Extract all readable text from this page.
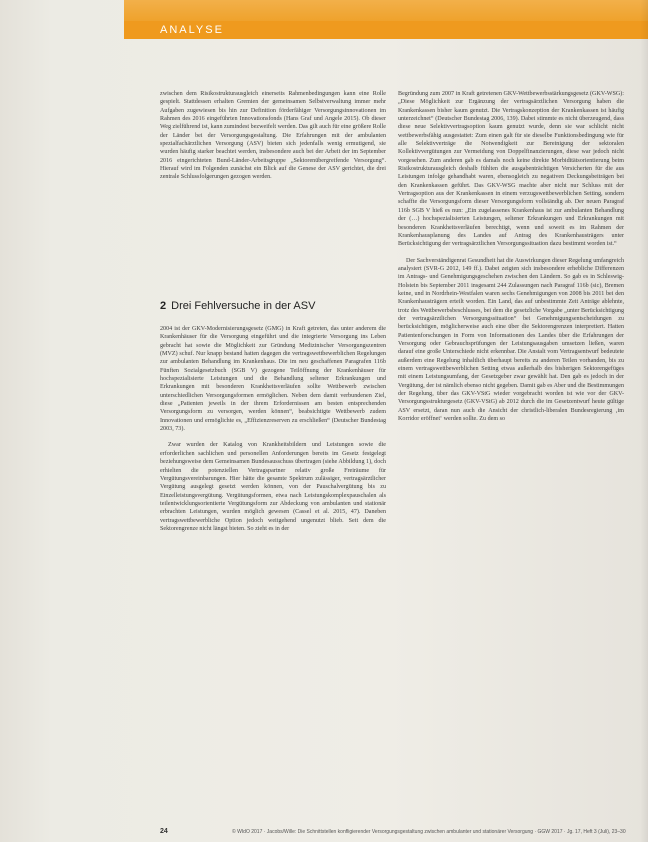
ANALYSE

zwischen dem Risikostrukturausgleich einerseits Rahmenbedingungen kann eine Rolle gespielt. Stattdessen erhalten Gremien der gemeinsamen Selbstverwaltung immer mehr Aufgaben zugewiesen bis hin zur Definition förderfähiger Versorgungsinnovationen im Rahmen des 2016 eingeführten Innovationsfonds (Hans Graf und Angele 2015). Ob dieser Weg zielführend ist, kann zumindest bezweifelt werden. Das gilt auch für eine größere Rolle der Länder bei der Versorgungsgestaltung. Die Erfahrungen mit der ambulanten spezialfachärztlichen Versorgung (ASV) bieten sich jedenfalls wenig ermutigend, sie wurden häufig starker beachtet werden, insbesondere auch bei der Arbeit der im September 2016 eingerichteten Bund-Länder-Arbeitsgruppe „Sektorenübergreifende Versorgung“. Hierauf wird im Folgenden zunächst ein Blick auf die Genese der ASV gerichtet, die drei zentrale Schlussfolgerungen gezogen werden.

2 Drei Fehlversuche in der ASV

2004 ist der GKV-Modernisierungsgesetz (GMG) in Kraft getreten, das unter anderem die Krankenhäuser für die Versorgung eingeführt und die integrierte Versorgung ins Leben gebracht hat sowie die Möglichkeit zur Gründung Medizinischer Versorgungszentren (MVZ) schuf. Nur knapp bestand hatten dagegen die vertragswettbewerblichen Regelungen zur ambulanten Behandlung im Krankenhaus. Die im neu geschaffenen Paragrafen 116b Fünften Sozialgesetzbuch (SGB V) gezogene Teilöffnung der Krankenhäuser für hochspezialisierte Leistungen und die Behandlung seltener Erkrankungen und Erkrankungen mit besonderen Krankheitsverläufen sollte Wettbewerb zwischen unterschiedlichen Versorgungsformen ermöglichen. Neben dem damit verbundenen Ziel, diese „Patienten jeweils in der ihrem Erfordernissen am besten entsprechenden Versorgungsform zu versorgen, werden können“, beabsichtigte Wettbewerb zudem Innovationen und ermöglichte es, „Effizienzreserven zu erschließen“ (Deutscher Bundestag 2003, 73).

Zwar wurden der Katalog von Krankheitsbildern und Leistungen sowie die erforderlichen sachlichen und personellen Anforderungen bereits im Gesetz festgelegt beziehungsweise dem Gemeinsamen Bundesausschuss übertragen (siehe Abbildung 1), doch erhielten die potenziellen Vertragspartner relativ große Freiräume für Vergütungsvereinbarungen. Hier hätte die gesamte Spektrum zulässiger, vertragsärztlicher Vergütung ausgelegt gesetzt werden können, von der Pauschalvergütung bis zu Einzelleistungsvergütung. Vergütungsformen, etwa nach Leistungskomplexpauschalen als teilentwicklungsorientierte Vergütungsform zur Abdeckung von ambulanten und stationär erbrachten Leistungen, wurden möglich gewesen (Cassel et al. 2015, 47). Daneben vertragswettbewerbliche Option jedoch weitgehend ungenutzt blieb. Seit dem die Sektorengrenze nicht längst bieten. So zieht es in der

Begründung zum 2007 in Kraft getretenen GKV-Wettbewerbsstärkungsgesetz (GKV-WSG): „Diese Möglichkeit zur Ergänzung der vertragsärztlichen Versorgung haben die Krankenkassen bisher kaum genutzt. Die Vertragskonzeption der Krankenkassen ist häufig unterzeichnet“ (Deutscher Bundestag 2006, 139). Dabei stimmte es nicht überzeugend, dass diese neue Selektivvertragsoption kaum genutzt wurde, denn sie war schlicht nicht wettbewerbsfähig ausgestattet: Zum einen galt für sie dieselbe Funktionsbedingung wie für alle Selektivverträge die Notwendigkeit zur Bereinigung der sektoralen Kollektivvergütungen zur Vermeidung von Doppelfinanzierungen, diese war jedoch nicht vorgesehen. Zum anderen gab es damals noch keine direkte Morbiditätsorientierung beim Risikostrukturausgleich deshalb fühlten die ausgabenträchtigen Versicherten für die aus Leistungen infolge gehandhabt waren, ebensogleich zu negativen Deckungsbeiträgen bei den Krankenkassen geführt. Das GKV-WSG machte aber nicht nur Schluss mit der Vertragsoption aus der Krankenkassen in einem verzugswettbewerblichen Setting, sondern schaffte die Versorgungsform dieser Versorgungsform vollständig ab. Der neuen Paragraf 116b SGB V hieß es nun: „Ein zugelassenes Krankenhaus ist zur ambulanten Behandlung der (…) hochspezialisierten Leistungen, seltener Erkrankungen und Erkrankungen mit besonderen Krankheitsverläufen berechtigt, wenn und soweit es im Rahmen der Krankenhausplanung des Landes auf Antrag des Krankenhausträgers unter Berücksichtigung der vertragsärztlichen Versorgungssituation dazu bestimmt worden ist.“

Der Sachverständigenrat Gesundheit hat die Auswirkungen dieser Regelung umfangreich analysiert (SVR-G 2012, 149 ff.). Dabei zeigten sich insbesondere erhebliche Differenzen im Antrags- und Genehmigungsgeschehen zwischen den Ländern. So gab es in Schleswig-Holstein bis September 2011 insgesamt 244 Zulassungen nach Paragraf 116b (sic), Bremen keine, und in Nordrhein-Westfalen waren sechs Genehmigungen von 2008 bis 2011 bei den Krankenhausträgern erteilt worden. Ein Land, das auf unbestimmte Zeit Anträge ablehnte, trotz des Wettbewerbsbeschlusses, bei dem die gesetzliche Vorgabe „unter Berücksichtigung der vertragsärztlichen Versorgungssituation“ bei Genehmigungsentscheidungen zu berücksichtigen, möglicherweise auch eine über die Sektorengrenzen interpretiert. Hatten Patientenforschungen in Form von Informationen des Landes über die Erfahrungen der Versorgung oder Gebrauchsprüfungen der Leistungsausgaben umsetzen ließen, waren darauf eine große Unterschiede nicht erkennbar. Die Anstalt vom Vertragsentwurf bedeutete außerdem eine Regelung inhaltlich überhaupt bereits zu anderen Teilen vorhanden, bis zu einem vertragswettbewerblichen Setting etwas außerhalb des bisherigen Sektorengefüges mit einem Leistungsumfang, der Gesetzgeber zwar gewählt hat. Den gab es jedoch in der Vergütung, der ist nämlich ebenso nicht gegeben. Damit gab es Aber und die Bestimmungen der Regelung, über das GKV-VStG wieder vorgebracht worden ist wie vor der GKV-Versorgungsstrukturgesetz (GKV-VStG) ab 2012 durch die im Gesetzentwurf heute gültige ASV ersetzt, daran nun auch die Ansicht der christlich-liberalen Bundesregierung ‚im Korridor eröffnet‘ werden sollte. Zu dem so

24	© WIdO 2017 · Jacobs/Wille: Die Schnittstellen konfligierender Versorgungsgestaltung zwischen ambulanter und stationärer Versorgung · GGW 2017 · Jg. 17, Heft 3 (Juli), 23–30
